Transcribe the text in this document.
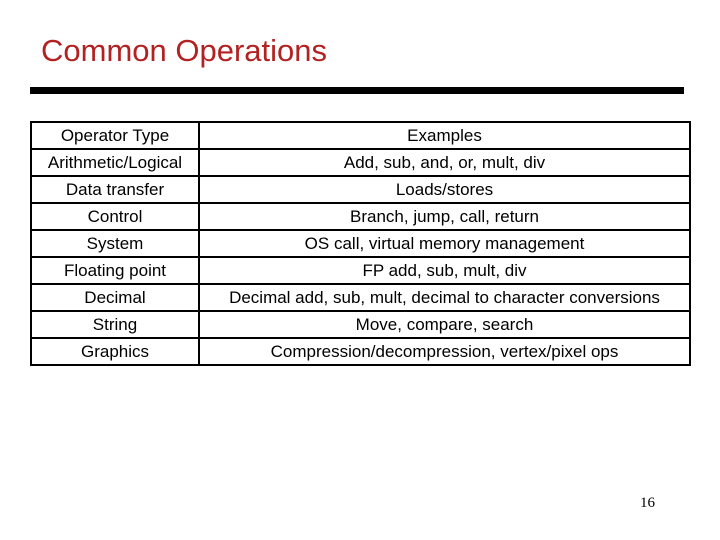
Common Operations
Operator Type	Examples
Arithmetic/Logical	Add, sub, and, or, mult, div
Data transfer	Loads/stores
Control	Branch, jump, call, return
System	OS call, virtual memory management
Floating point	FP add, sub, mult, div
Decimal	Decimal add, sub, mult, decimal to character conversions
String	Move, compare, search
Graphics	Compression/decompression, vertex/pixel ops
16
